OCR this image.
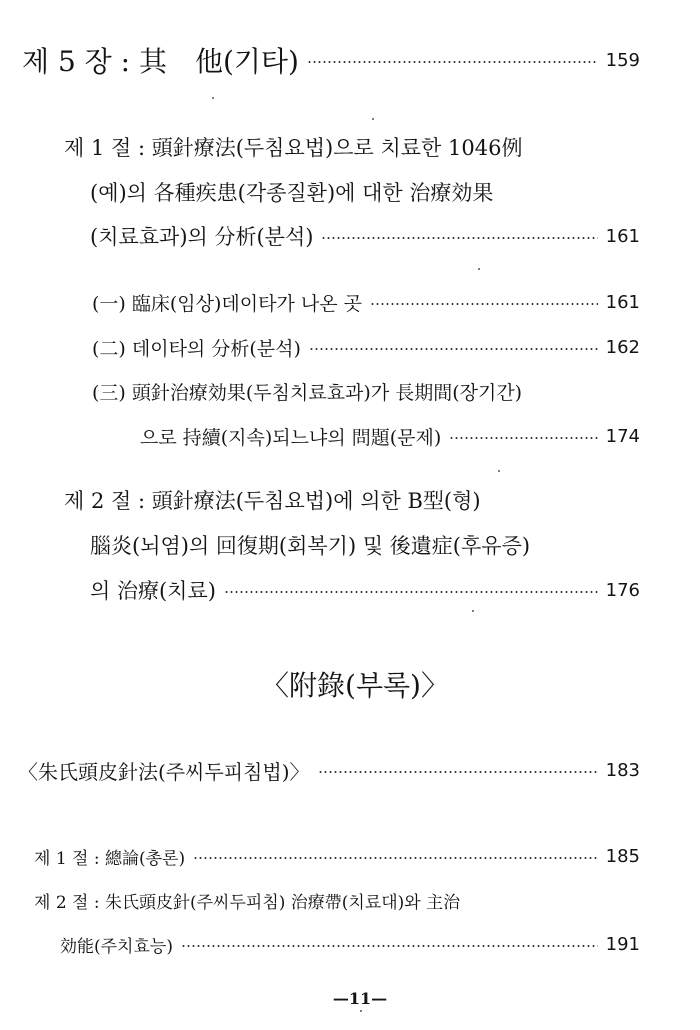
제 5 장 : 其　他(기타)	159
제 1 절 : 頭針療法(두침요법)으로 치료한 1046例
(예)의 各種疾患(각종질환)에 대한 治療効果
(치료효과)의 分析(분석)	161
(一) 臨床(임상)데이타가 나온 곳	161
(二) 데이타의 分析(분석)	162
(三) 頭針治療効果(두침치료효과)가 長期間(장기간)
으로 持續(지속)되느냐의 問題(문제)	174
제 2 절 : 頭針療法(두침요법)에 의한 B型(형)
腦炎(뇌염)의 回復期(회복기) 및 後遺症(후유증)
의 治療(치료)	176
〈附錄(부록)〉
〈朱氏頭皮針法(주씨두피침법)〉	183
제 1 절 : 總論(총론)	185
제 2 절 : 朱氏頭皮針(주씨두피침) 治療帶(치료대)와 主治
効能(주치효능)	191
—11—
